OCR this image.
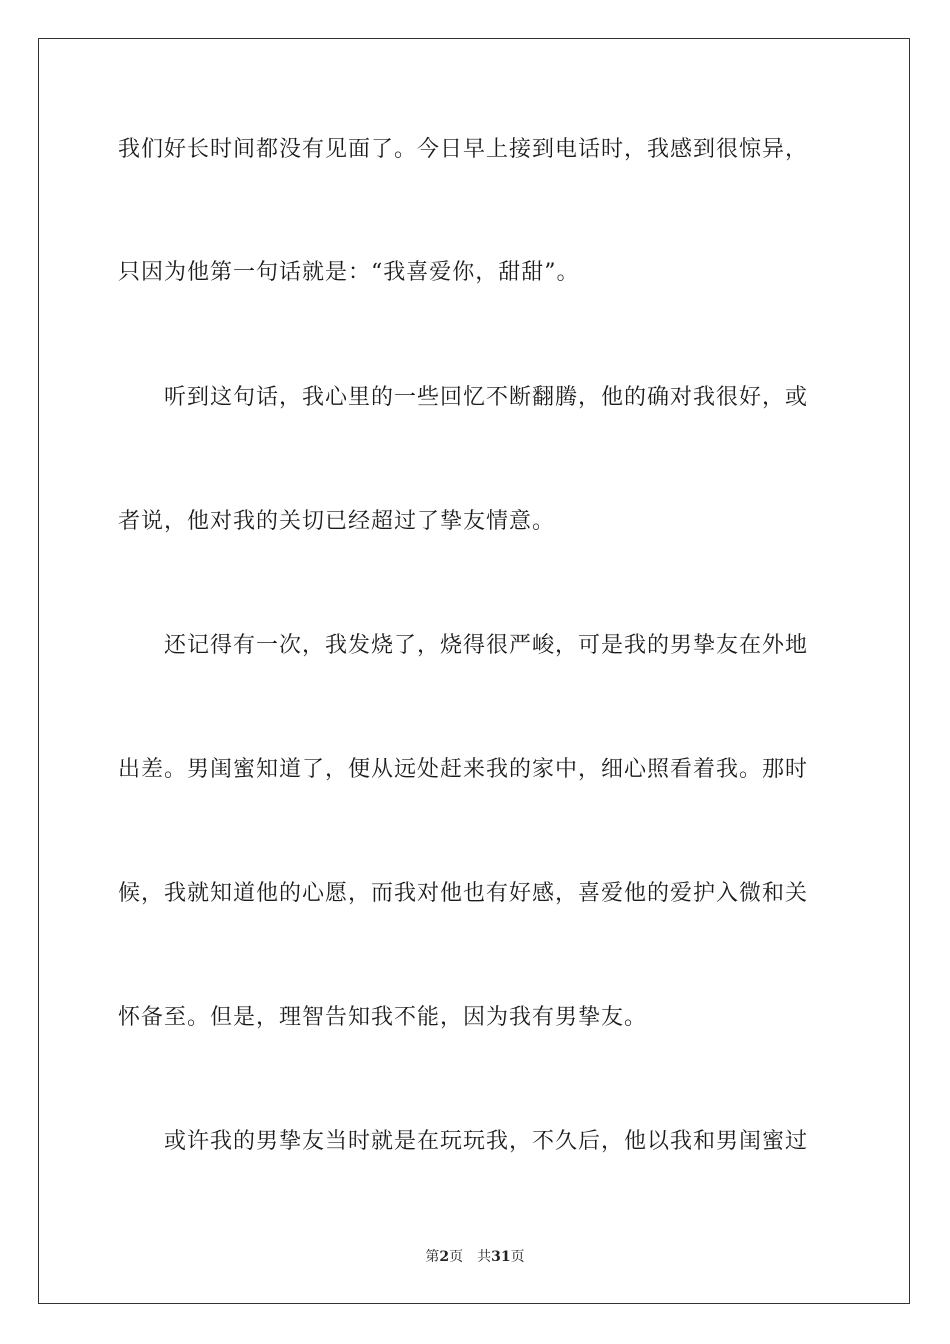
我们好长时间都没有见面了。今日早上接到电话时，我感到很惊异，
只因为他第一句话就是：“我喜爱你，甜甜”。
听到这句话，我心里的一些回忆不断翻腾，他的确对我很好，或
者说，他对我的关切已经超过了挚友情意。
还记得有一次，我发烧了，烧得很严峻，可是我的男挚友在外地
出差。男闺蜜知道了，便从远处赶来我的家中，细心照看着我。那时
候，我就知道他的心愿，而我对他也有好感，喜爱他的爱护入微和关
怀备至。但是，理智告知我不能，因为我有男挚友。
或许我的男挚友当时就是在玩玩我，不久后，他以我和男闺蜜过
第2页 共31页
